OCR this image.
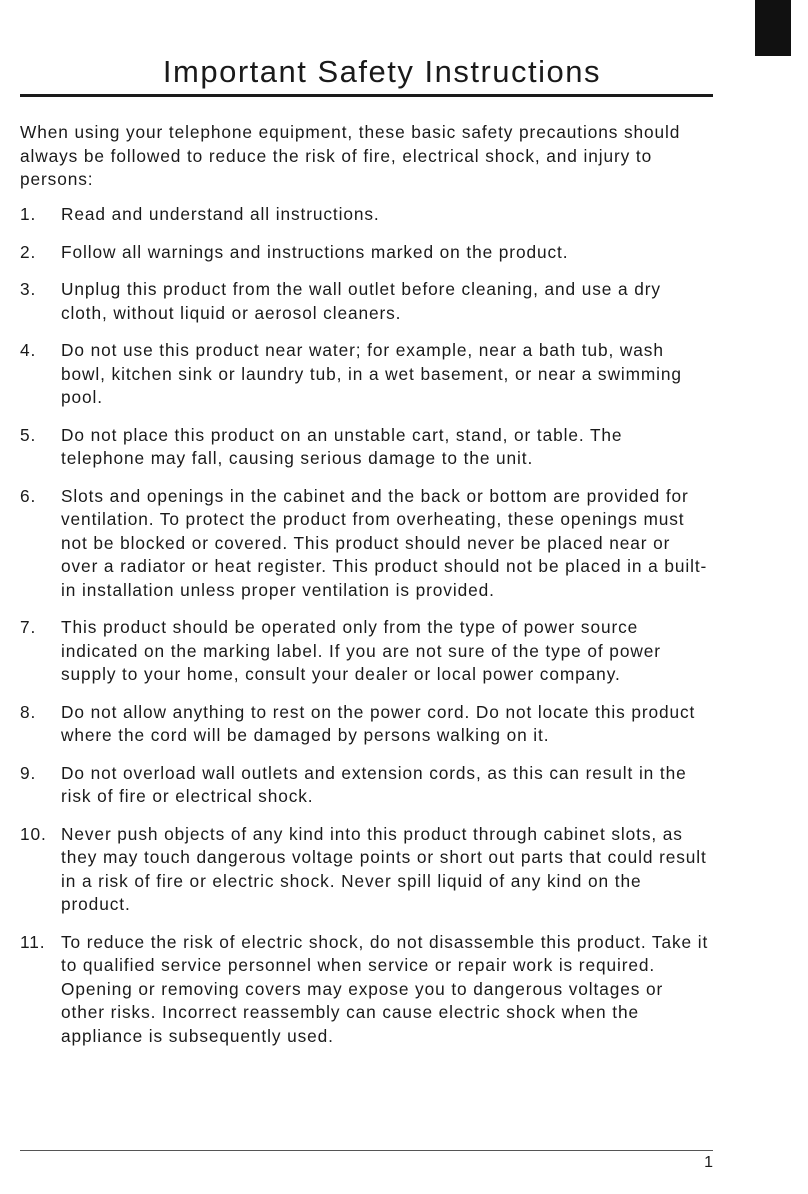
Important Safety Instructions

When using your telephone equipment, these basic safety precautions should always be followed to reduce the risk of fire, electrical shock, and injury to persons:

1. Read and understand all instructions.
2. Follow all warnings and instructions marked on the product.
3. Unplug this product from the wall outlet before cleaning, and use a dry cloth, without liquid or aerosol cleaners.
4. Do not use this product near water; for example, near a bath tub, wash bowl, kitchen sink or laundry tub, in a wet basement, or near a swimming pool.
5. Do not place this product on an unstable cart, stand, or table. The telephone may fall, causing serious damage to the unit.
6. Slots and openings in the cabinet and the back or bottom are provided for ventilation. To protect the product from overheating, these openings must not be blocked or covered. This product should never be placed near or over a radiator or heat register. This product should not be placed in a built-in installation unless proper ventilation is provided.
7. This product should be operated only from the type of power source indicated on the marking label. If you are not sure of the type of power supply to your home, consult your dealer or local power company.
8. Do not allow anything to rest on the power cord. Do not locate this product where the cord will be damaged by persons walking on it.
9. Do not overload wall outlets and extension cords, as this can result in the risk of fire or electrical shock.
10. Never push objects of any kind into this product through cabinet slots, as they may touch dangerous voltage points or short out parts that could result in a risk of fire or electric shock. Never spill liquid of any kind on the product.
11. To reduce the risk of electric shock, do not disassemble this product. Take it to qualified service personnel when service or repair work is required. Opening or removing covers may expose you to dangerous voltages or other risks. Incorrect reassembly can cause electric shock when the appliance is subsequently used.
1
